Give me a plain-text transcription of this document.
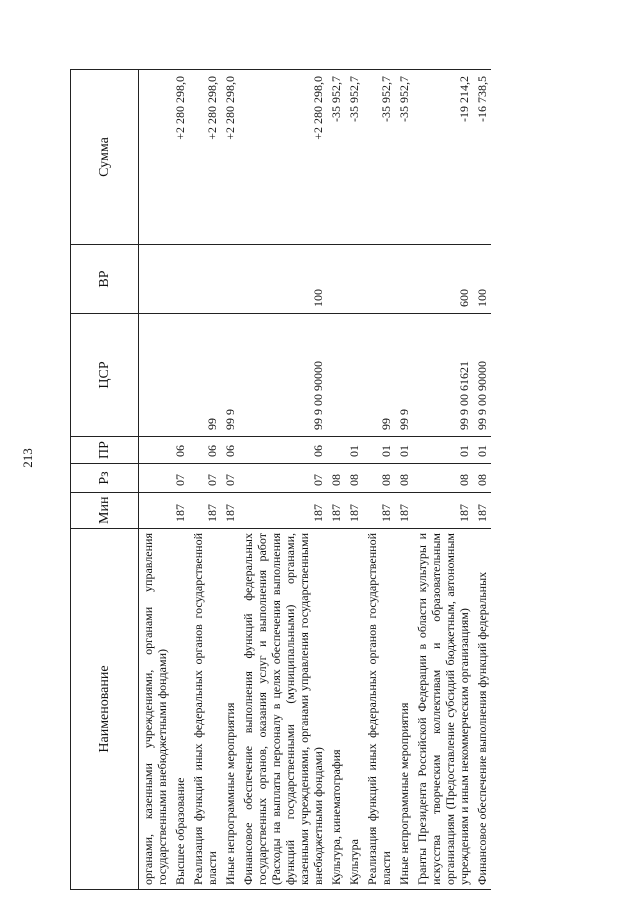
213
Наименование	Мин	Рз	ПР	ЦСР	ВР	Сумма
органами, казенными учреждениями, органами управления государственными внебюджетными фондами)						
Высшее образование	187	07	06			+2 280 298,0
Реализация функций иных федеральных органов государственной власти	187	07	06	99		+2 280 298,0
Иные непрограммные мероприятия	187	07	06	99 9		+2 280 298,0
Финансовое обеспечение выполнения функций федеральных государственных органов, оказания услуг и выполнения работ (Расходы на выплаты персоналу в целях обеспечения выполнения функций государственными (муниципальными) органами, казенными учреждениями, органами управления государственными внебюджетными фондами)	187	07	06	99 9 00 90000	100	+2 280 298,0
Культура, кинематография	187	08				-35 952,7
Культура	187	08	01			-35 952,7
Реализация функций иных федеральных органов государственной власти	187	08	01	99		-35 952,7
Иные непрограммные мероприятия	187	08	01	99 9		-35 952,7
Гранты Президента Российской Федерации в области культуры и искусства творческим коллективам и образовательным организациям (Предоставление субсидий бюджетным, автономным учреждениям и иным некоммерческим организациям)	187	08	01	99 9 00 61621	600	-19 214,2
Финансовое обеспечение выполнения функций федеральных	187	08	01	99 9 00 90000	100	-16 738,5
